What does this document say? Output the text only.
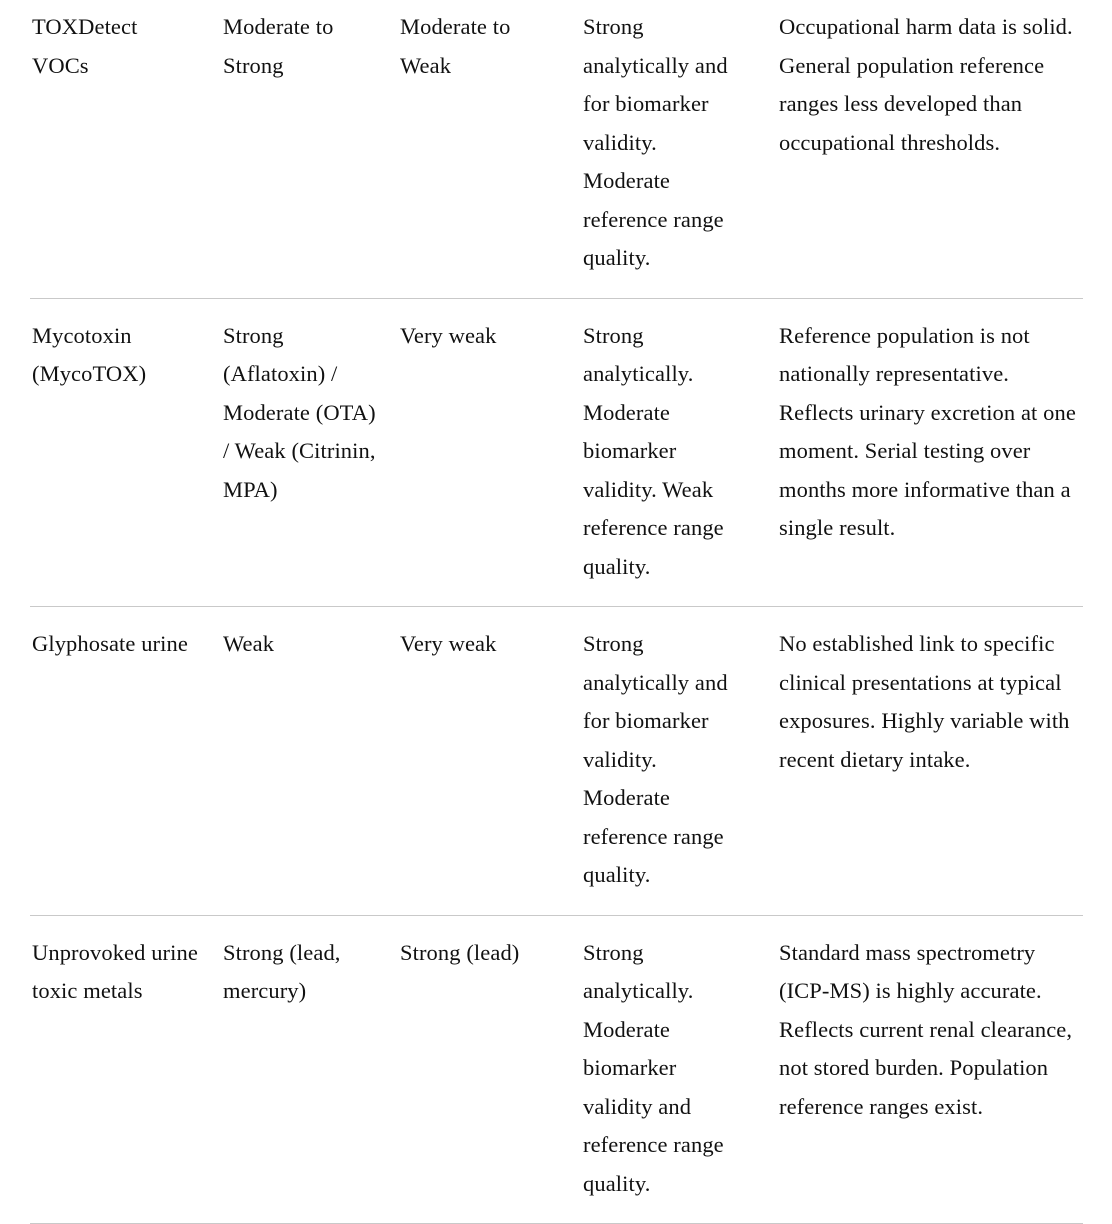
TOXDetect VOCs	Moderate to Strong	Moderate to Weak	Strong analytically and for biomarker validity. Moderate reference range quality.	Occupational harm data is solid. General population reference ranges less developed than occupational thresholds.
Mycotoxin (MycoTOX)	Strong (Aflatoxin) / Moderate (OTA) / Weak (Citrinin, MPA)	Very weak	Strong analytically. Moderate biomarker validity. Weak reference range quality.	Reference population is not nationally representative. Reflects urinary excretion at one moment. Serial testing over months more informative than a single result.
Glyphosate urine	Weak	Very weak	Strong analytically and for biomarker validity. Moderate reference range quality.	No established link to specific clinical presentations at typical exposures. Highly variable with recent dietary intake.
Unprovoked urine toxic metals	Strong (lead, mercury)	Strong (lead)	Strong analytically. Moderate biomarker validity and reference range quality.	Standard mass spectrometry (ICP-MS) is highly accurate. Reflects current renal clearance, not stored burden. Population reference ranges exist.
